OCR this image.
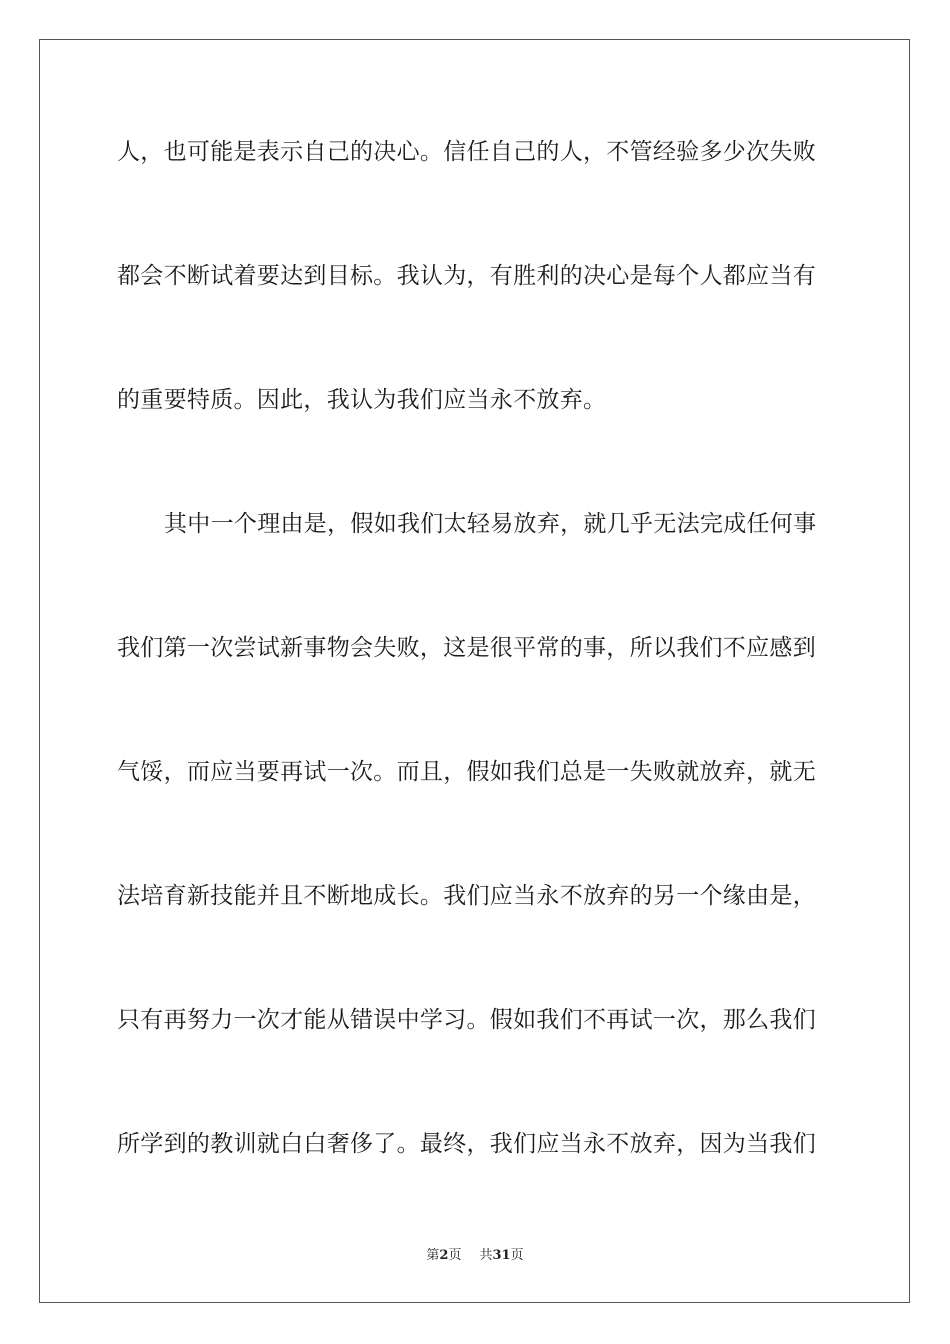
人，也可能是表示自己的决心。信任自己的人，不管经验多少次失败
都会不断试着要达到目标。我认为，有胜利的决心是每个人都应当有
的重要特质。因此，我认为我们应当永不放弃。
其中一个理由是，假如我们太轻易放弃，就几乎无法完成任何事
我们第一次尝试新事物会失败，这是很平常的事，所以我们不应感到
气馁，而应当要再试一次。而且，假如我们总是一失败就放弃，就无
法培育新技能并且不断地成长。我们应当永不放弃的另一个缘由是，
只有再努力一次才能从错误中学习。假如我们不再试一次，那么我们
所学到的教训就白白奢侈了。最终，我们应当永不放弃，因为当我们
第2页 共31页
